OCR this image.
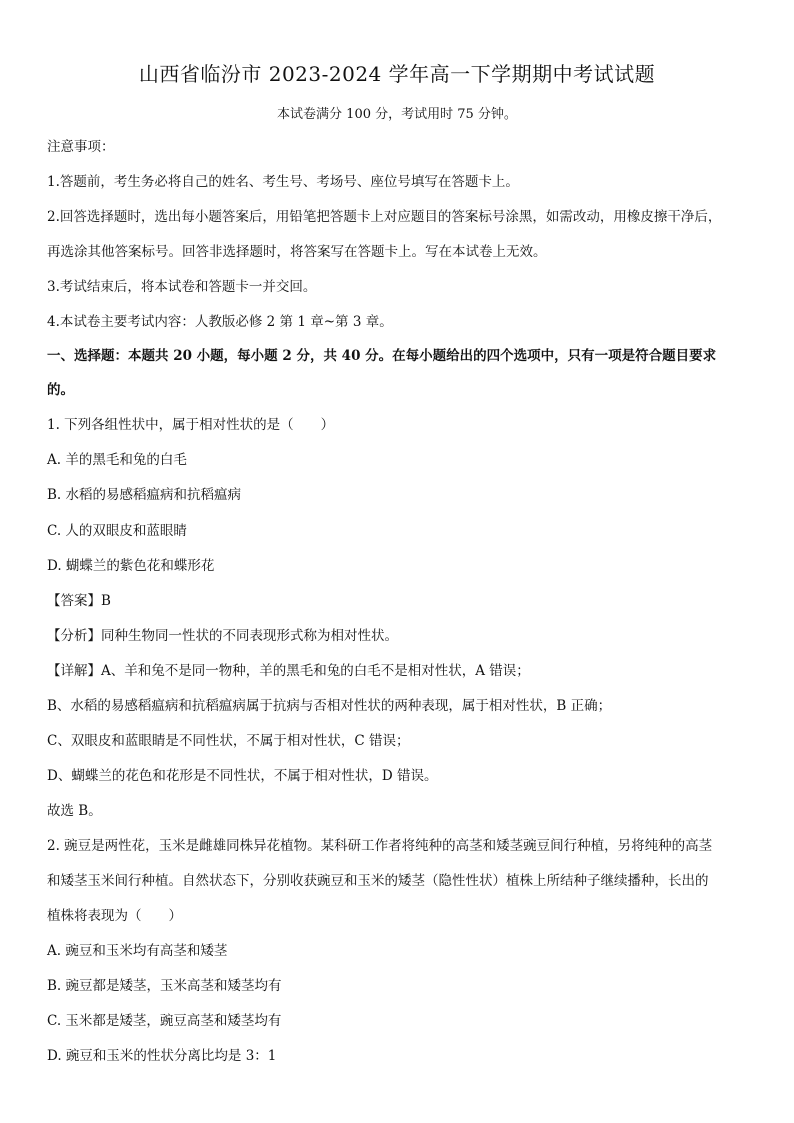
山西省临汾市 2023-2024 学年高一下学期期中考试试题
本试卷满分 100 分，考试用时 75 分钟。
注意事项：
1.答题前，考生务必将自己的姓名、考生号、考场号、座位号填写在答题卡上。
2.回答选择题时，选出每小题答案后，用铅笔把答题卡上对应题目的答案标号涂黑，如需改动，用橡皮擦干净后，
再选涂其他答案标号。回答非选择题时，将答案写在答题卡上。写在本试卷上无效。
3.考试结束后，将本试卷和答题卡一并交回。
4.本试卷主要考试内容：人教版必修 2 第 1 章~第 3 章。
一、选择题：本题共 20 小题，每小题 2 分，共 40 分。在每小题给出的四个选项中，只有一项是符合题目要求
的。
1. 下列各组性状中，属于相对性状的是（　　）
A. 羊的黑毛和兔的白毛
B. 水稻的易感稻瘟病和抗稻瘟病
C. 人的双眼皮和蓝眼睛
D. 蝴蝶兰的紫色花和蝶形花
【答案】B
【分析】同种生物同一性状的不同表现形式称为相对性状。
【详解】A、羊和兔不是同一物种，羊的黑毛和兔的白毛不是相对性状，A 错误；
B、水稻的易感稻瘟病和抗稻瘟病属于抗病与否相对性状的两种表现，属于相对性状，B 正确；
C、双眼皮和蓝眼睛是不同性状，不属于相对性状，C 错误；
D、蝴蝶兰的花色和花形是不同性状，不属于相对性状，D 错误。
故选 B。
2. 豌豆是两性花，玉米是雌雄同株异花植物。某科研工作者将纯种的高茎和矮茎豌豆间行种植，另将纯种的高茎
和矮茎玉米间行种植。自然状态下，分别收获豌豆和玉米的矮茎（隐性性状）植株上所结种子继续播种，长出的
植株将表现为（　　）
A. 豌豆和玉米均有高茎和矮茎
B. 豌豆都是矮茎，玉米高茎和矮茎均有
C. 玉米都是矮茎，豌豆高茎和矮茎均有
D. 豌豆和玉米的性状分离比均是 3：1
